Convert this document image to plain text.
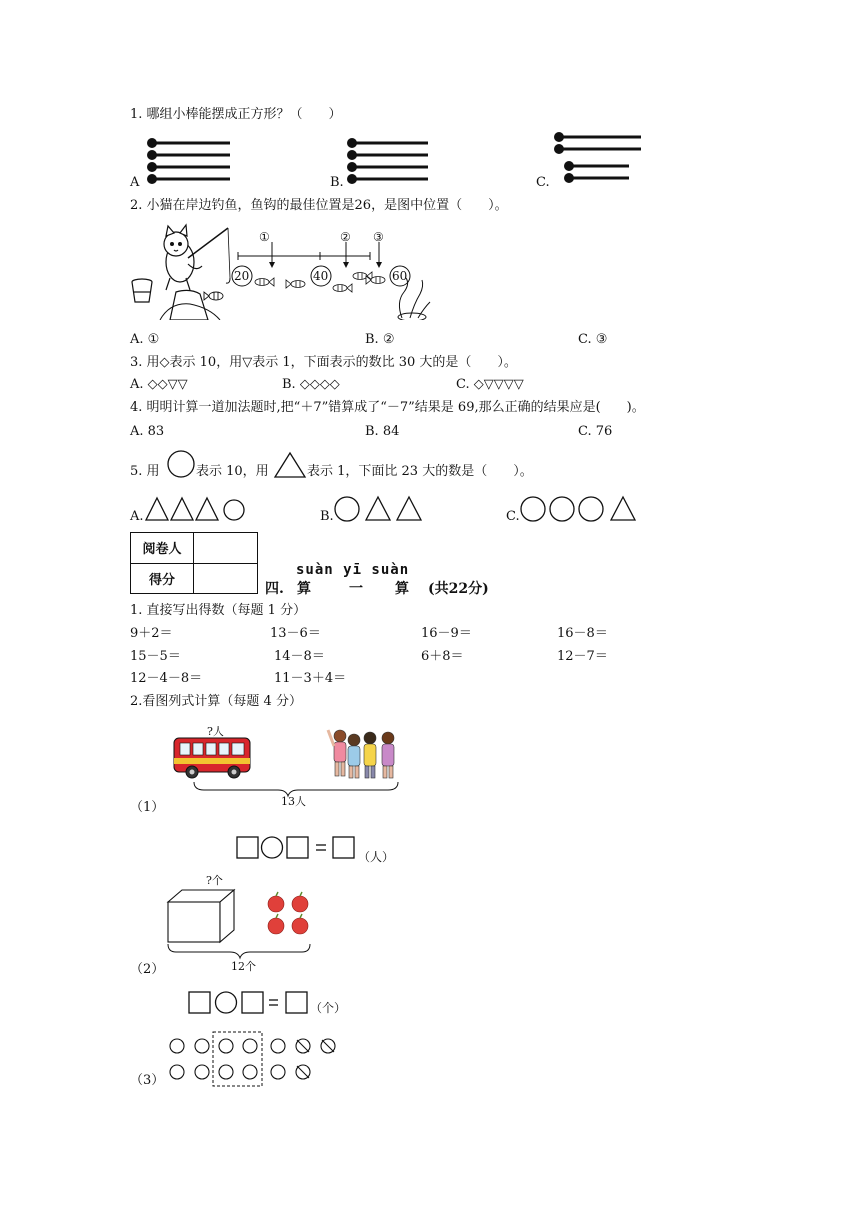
1. 哪组小棒能摆成正方形？（　　）
A	B.	C.
2. 小猫在岸边钓鱼，鱼钩的最佳位置是26，是图中位置（　　）。
①	② ③
20	40	60
A. ①	B. ②	C. ③
3. 用◇表示 10，用▽表示 1，下面表示的数比 30 大的是（　　）。
A. ◇◇▽▽	B. ◇◇◇◇	C. ◇▽▽▽▽
4. 明明计算一道加法题时,把“＋7”错算成了“－7”结果是 69,那么正确的结果应是(　　)。
A. 83	B. 84	C. 76
5. 用	表示 10，用	表示 1，下面比 23 大的数是（　　）。
A.	B.	C.
阅卷人	
得分	
suàn yī suàn
四. 算	一 算 (共22分)
1. 直接写出得数（每题 1 分）
9＋2＝	13－6＝	16－9＝	16－8＝
15－5＝	14－8＝	6＋8＝	12－7＝
12－4－8＝	11－3＋4＝
2.看图列式计算（每题 4 分）
?人
13人
（1）
（人）
?个
12个
（2）
（个）
（3）
